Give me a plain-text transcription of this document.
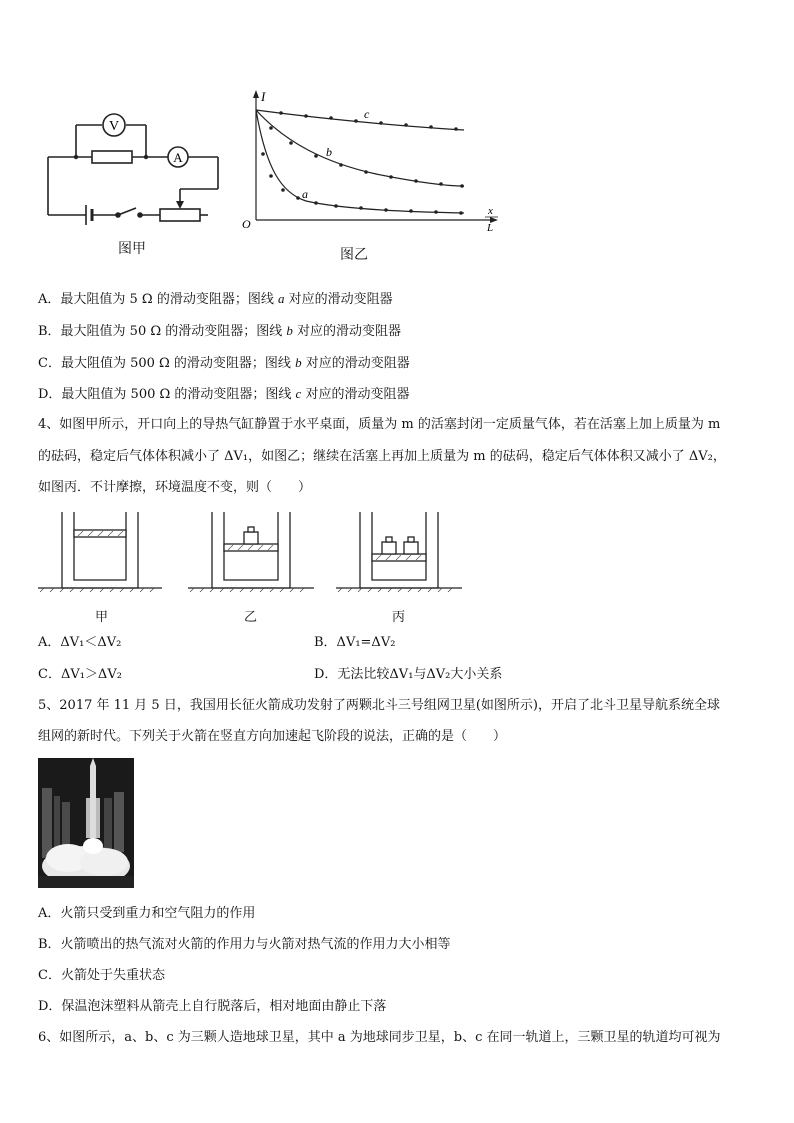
V
A
图甲
I
O
x
L
c
b
a
图乙
A．最大阻值为 5 Ω 的滑动变阻器；图线 a 对应的滑动变阻器
B．最大阻值为 50 Ω 的滑动变阻器；图线 b 对应的滑动变阻器
C．最大阻值为 500 Ω 的滑动变阻器；图线 b 对应的滑动变阻器
D．最大阻值为 500 Ω 的滑动变阻器；图线 c 对应的滑动变阻器
4、如图甲所示，开口向上的导热气缸静置于水平桌面，质量为 m 的活塞封闭一定质量气体，若在活塞上加上质量为 m
的砝码，稳定后气体体积减小了 ΔV₁，如图乙；继续在活塞上再加上质量为 m 的砝码，稳定后气体体积又减小了 ΔV₂，
如图丙．不计摩擦，环境温度不变，则（　　）
甲	乙	丙
A．ΔV₁＜ΔV₂	B．ΔV₁=ΔV₂
C．ΔV₁＞ΔV₂	D．无法比较ΔV₁与ΔV₂大小关系
5、2017 年 11 月 5 日，我国用长征火箭成功发射了两颗北斗三号组网卫星(如图所示)，开启了北斗卫星导航系统全球
组网的新时代。下列关于火箭在竖直方向加速起飞阶段的说法，正确的是（　　）
A．火箭只受到重力和空气阻力的作用
B．火箭喷出的热气流对火箭的作用力与火箭对热气流的作用力大小相等
C．火箭处于失重状态
D．保温泡沫塑料从箭壳上自行脱落后，相对地面由静止下落
6、如图所示，a、b、c 为三颗人造地球卫星，其中 a 为地球同步卫星，b、c 在同一轨道上，三颗卫星的轨道均可视为
